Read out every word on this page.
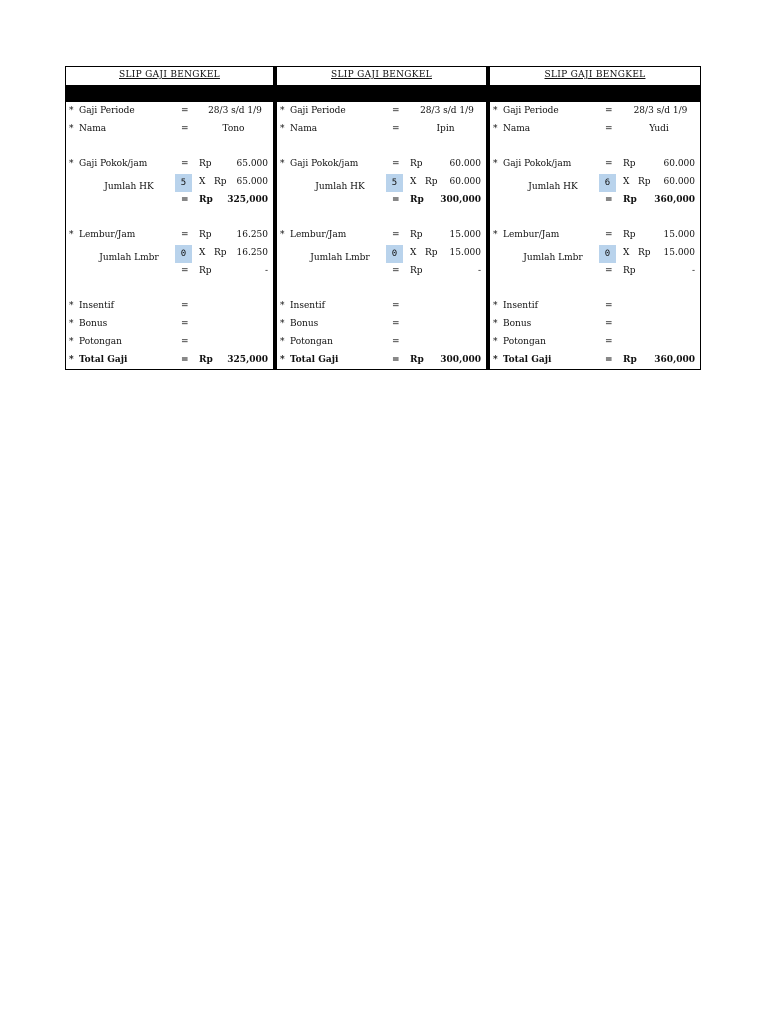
SLIP GAJI BENGKEL
* Gaji Periode	=	28/3 s/d 1/9
* Nama	=	Tono
* Gaji Pokok/jam	= Rp	65.000
Jumlah HK	5	X Rp 65.000
= Rp 325,000
* Lembur/Jam	= Rp	16.250
Jumlah Lmbr	0	X Rp 16.250
= Rp	-
* Insentif	=
* Bonus	=
* Potongan	=
* Total Gaji	= Rp 325,000
SLIP GAJI BENGKEL
* Gaji Periode	=	28/3 s/d 1/9
* Nama	=	Ipin
* Gaji Pokok/jam	= Rp	60.000
Jumlah HK	5	X Rp 60.000
= Rp 300,000
* Lembur/Jam	= Rp	15.000
Jumlah Lmbr	0	X Rp 15.000
= Rp	-
* Insentif	=
* Bonus	=
* Potongan	=
* Total Gaji	= Rp 300,000
SLIP GAJI BENGKEL
* Gaji Periode	=	28/3 s/d 1/9
* Nama	=	Yudi
* Gaji Pokok/jam	= Rp	60.000
Jumlah HK	6	X Rp 60.000
= Rp 360,000
* Lembur/Jam	= Rp	15.000
Jumlah Lmbr	0	X Rp 15.000
= Rp	-
* Insentif	=
* Bonus	=
* Potongan	=
* Total Gaji	= Rp 360,000
